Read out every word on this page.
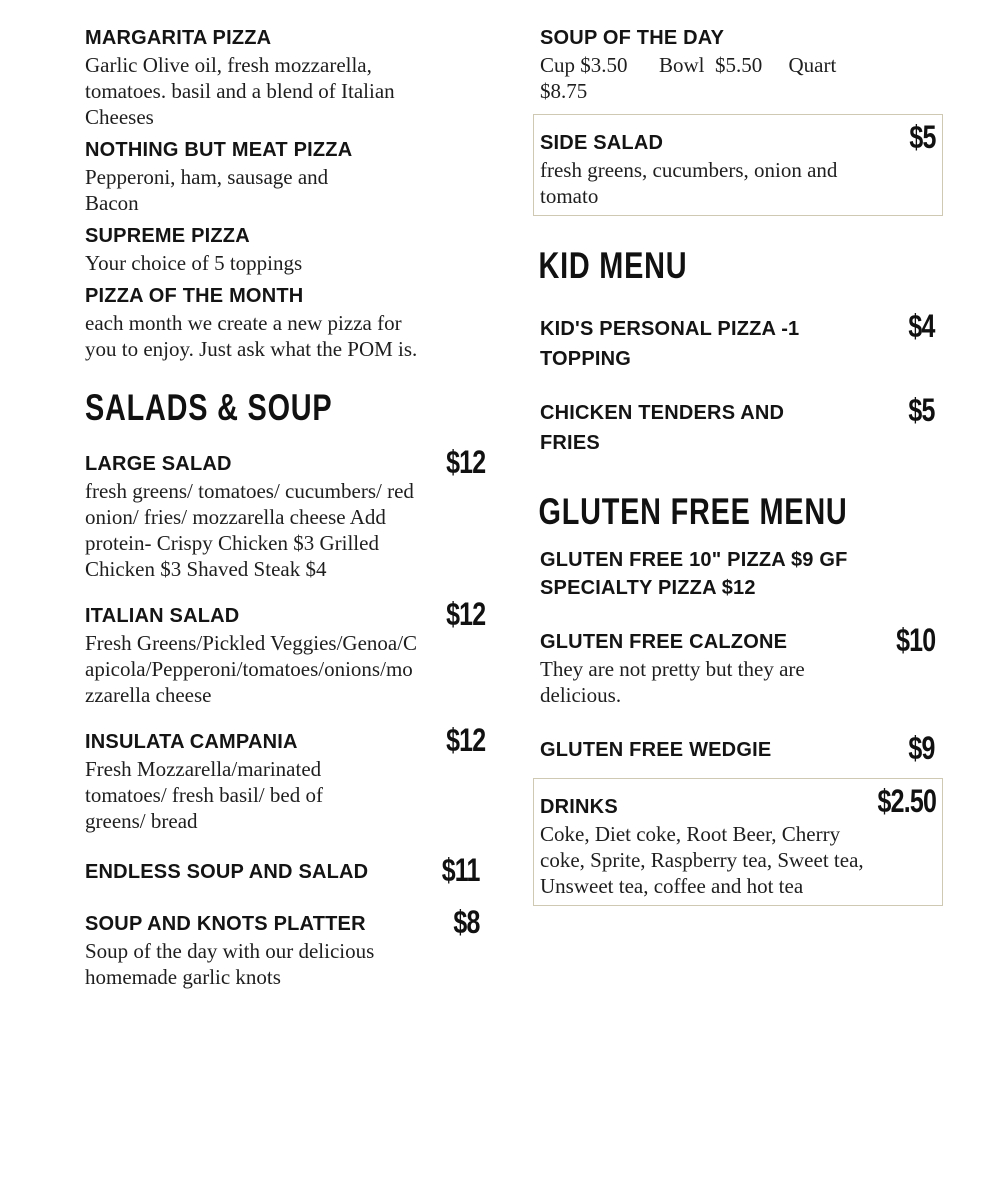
MARGARITA PIZZA
Garlic Olive oil, fresh mozzarella, tomatoes. basil and a blend of Italian Cheeses
NOTHING BUT MEAT PIZZA
Pepperoni, ham, sausage and Bacon
SUPREME PIZZA
Your choice of 5 toppings
PIZZA OF THE MONTH
each month we create a new pizza for you to enjoy. Just ask what the POM is.
SALADS & SOUP
$12
LARGE SALAD
fresh greens/ tomatoes/ cucumbers/ red onion/ fries/ mozzarella cheese Add protein- Crispy Chicken $3 Grilled Chicken $3 Shaved Steak $4
$12
ITALIAN SALAD
Fresh Greens/Pickled Veggies/Genoa/Capicola/Pepperoni/tomatoes/onions/mozzarella cheese
$12
INSULATA CAMPANIA
Fresh Mozzarella/marinated tomatoes/ fresh basil/ bed of greens/ bread
$11
ENDLESS SOUP AND SALAD
$8
SOUP AND KNOTS PLATTER
Soup of the day with our delicious homemade garlic knots
SOUP OF THE DAY
Cup $3.50      Bowl  $5.50     Quart
$8.75
$5
SIDE SALAD
fresh greens, cucumbers, onion and tomato
KID MENU
$4
KID'S PERSONAL PIZZA -1 TOPPING
$5
CHICKEN TENDERS AND FRIES
GLUTEN FREE MENU
GLUTEN FREE 10" PIZZA $9 GF SPECIALTY PIZZA $12
$10
GLUTEN FREE CALZONE
They are not pretty but they are delicious.
$9
GLUTEN FREE WEDGIE
$2.50
DRINKS
Coke, Diet coke, Root Beer, Cherry coke, Sprite, Raspberry tea, Sweet tea, Unsweet tea, coffee and hot tea
